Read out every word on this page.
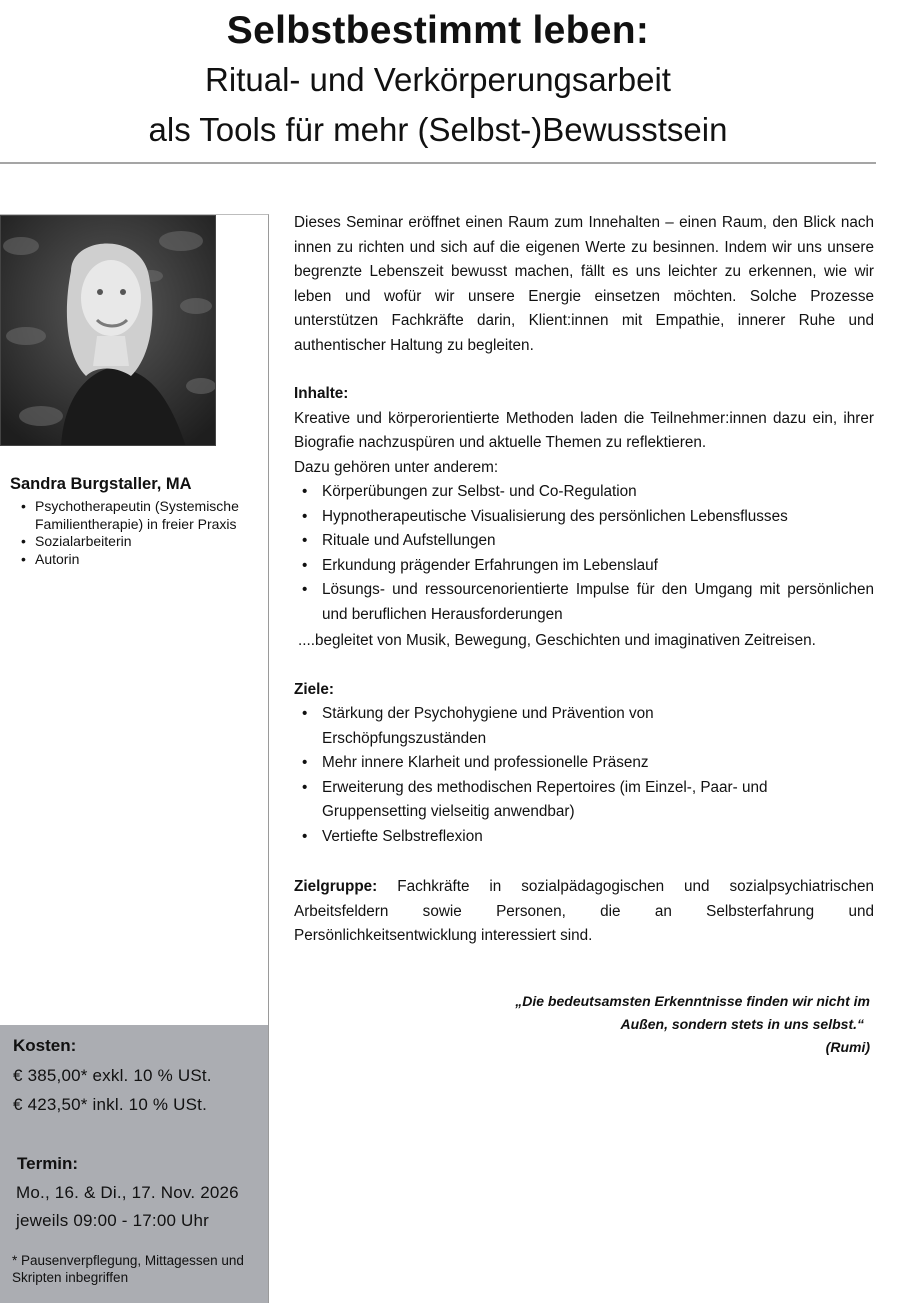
Selbstbestimmt leben:
Ritual- und Verkörperungsarbeit
als Tools für mehr (Selbst-)Bewusstsein
Sandra Burgstaller, MA
• Psychotherapeutin (Systemische Familientherapie) in freier Praxis
• Sozialarbeiterin
• Autorin
Kosten:
€ 385,00* exkl. 10 % USt.
€ 423,50* inkl. 10 % USt.
Termin:
Mo., 16. & Di., 17. Nov. 2026
jeweils 09:00 - 17:00 Uhr
* Pausenverpflegung, Mittagessen und Skripten inbegriffen

Dieses Seminar eröffnet einen Raum zum Innehalten – einen Raum, den Blick nach innen zu richten und sich auf die eigenen Werte zu besinnen. Indem wir uns unsere begrenzte Lebenszeit bewusst machen, fällt es uns leichter zu erkennen, wie wir leben und wofür wir unsere Energie einsetzen möchten. Solche Prozesse unterstützen Fachkräfte darin, Klient:innen mit Empathie, innerer Ruhe und authentischer Haltung zu begleiten.

Inhalte:

Kreative und körperorientierte Methoden laden die Teilnehmer:innen dazu ein, ihrer Biografie nachzuspüren und aktuelle Themen zu reflektieren.

Dazu gehören unter anderem:

• Körperübungen zur Selbst- und Co-Regulation
• Hypnotherapeutische Visualisierung des persönlichen Lebensflusses
• Rituale und Aufstellungen
• Erkundung prägender Erfahrungen im Lebenslauf
• Lösungs- und ressourcenorientierte Impulse für den Umgang mit persönlichen und beruflichen Herausforderungen

....begleitet von Musik, Bewegung, Geschichten und imaginativen Zeitreisen.

Ziele:

• Stärkung der Psychohygiene und Prävention von Erschöpfungszuständen
• Mehr innere Klarheit und professionelle Präsenz
• Erweiterung des methodischen Repertoires (im Einzel-, Paar- und Gruppensetting vielseitig anwendbar)
• Vertiefte Selbstreflexion

Zielgruppe: Fachkräfte in sozialpädagogischen und sozialpsychiatrischen Arbeitsfeldern sowie Personen, die an Selbsterfahrung und Persönlichkeitsentwicklung interessiert sind.

„Die bedeutsamsten Erkenntnisse finden wir nicht im
Außen, sondern stets in uns selbst.“
(Rumi)
